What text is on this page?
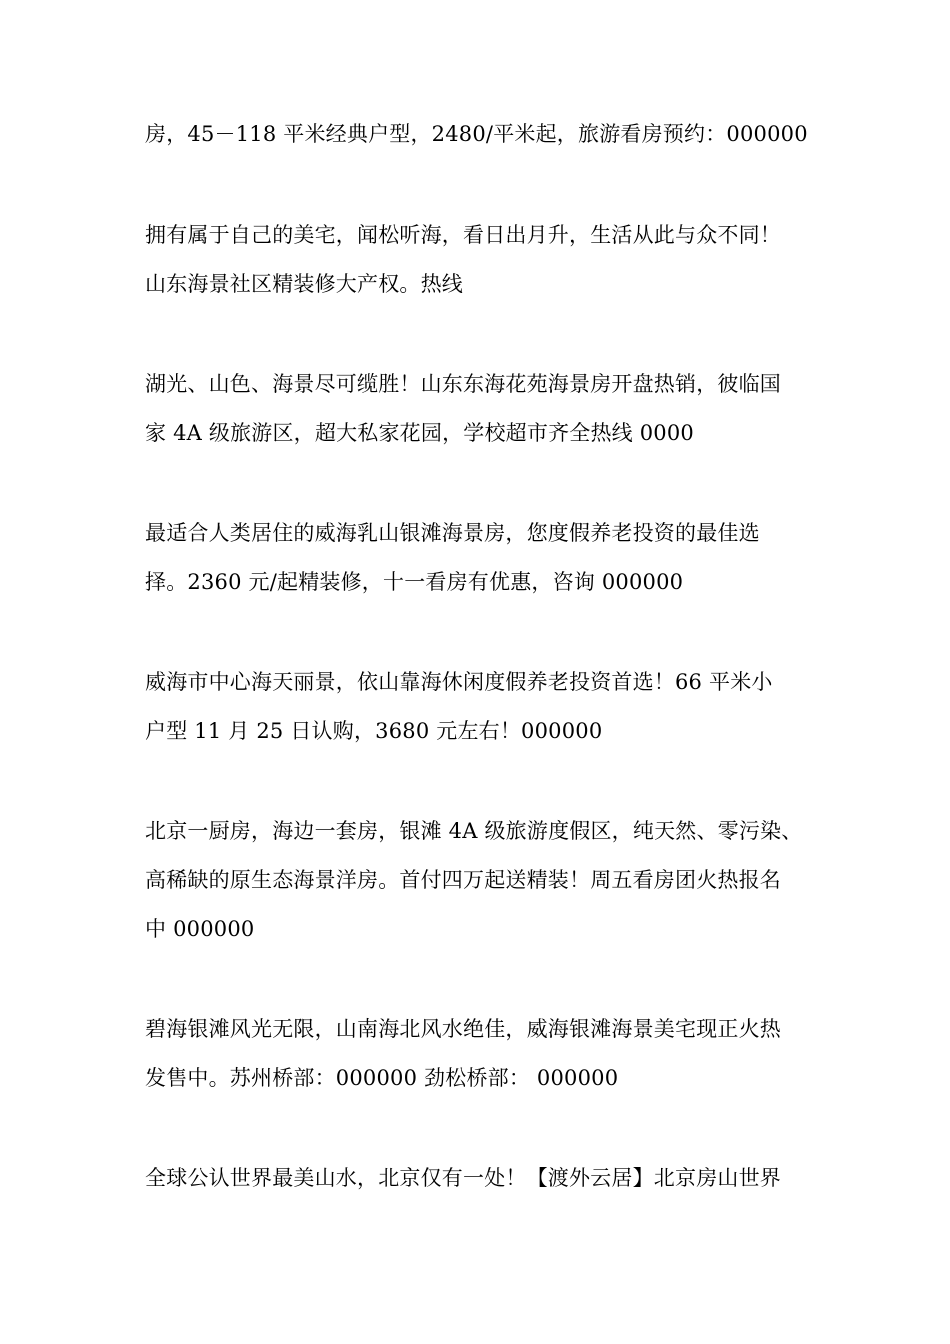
房，45－118 平米经典户型，2480/平米起，旅游看房预约：000000

拥有属于自己的美宅，闻松听海，看日出月升，生活从此与众不同！
山东海景社区精装修大产权。热线

湖光、山色、海景尽可缆胜！山东东海花苑海景房开盘热销，彼临国
家 4A 级旅游区，超大私家花园，学校超市齐全热线 0000

最适合人类居住的威海乳山银滩海景房，您度假养老投资的最佳选
择。2360 元/起精装修，十一看房有优惠，咨询 000000

威海市中心海天丽景，依山靠海休闲度假养老投资首选！66 平米小
户型 11 月 25 日认购，3680 元左右！000000

北京一厨房，海边一套房，银滩 4A 级旅游度假区，纯天然、零污染、
高稀缺的原生态海景洋房。首付四万起送精装！周五看房团火热报名
中 000000

碧海银滩风光无限，山南海北风水绝佳，威海银滩海景美宅现正火热
发售中。苏州桥部：000000 劲松桥部： 000000

全球公认世界最美山水，北京仅有一处！【渡外云居】北京房山世界
